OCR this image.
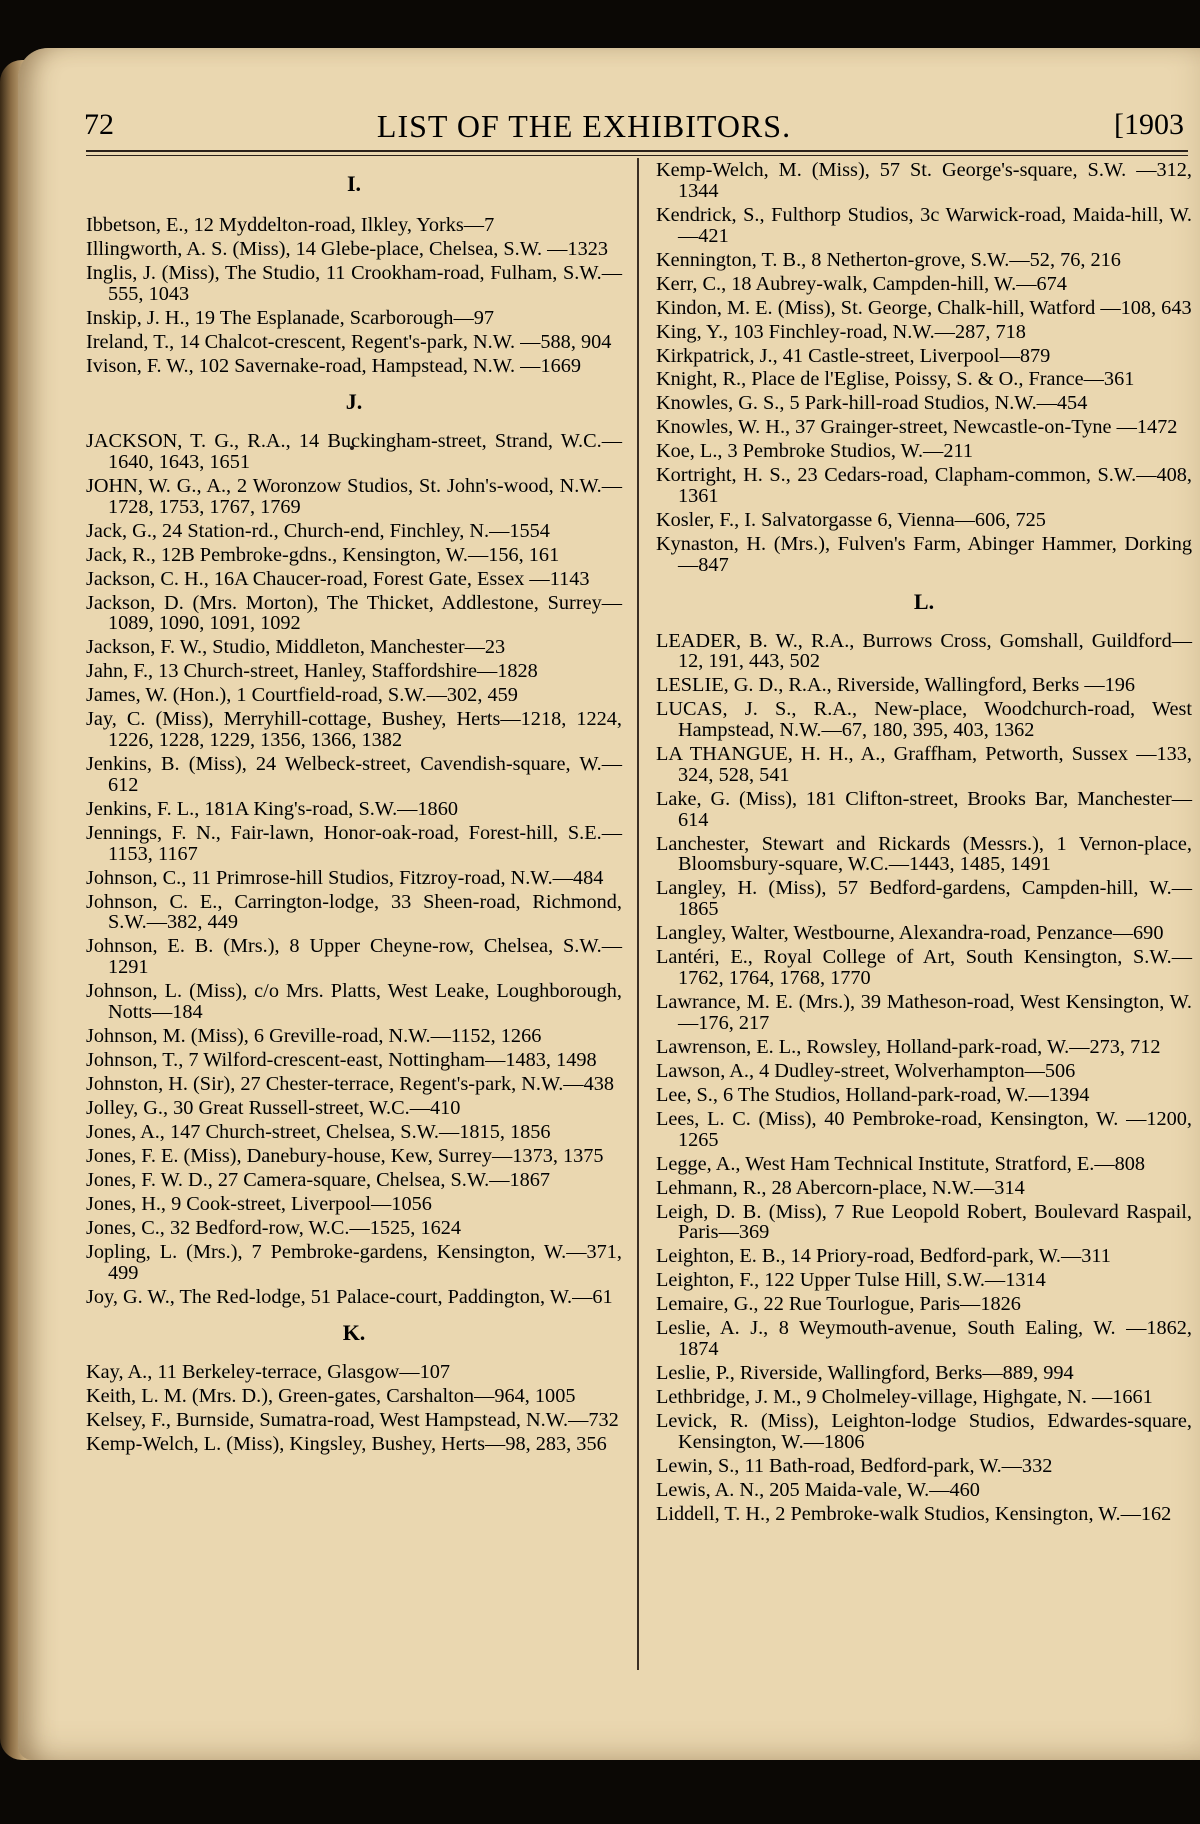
72	LIST OF THE EXHIBITORS.	[1903
I.
Ibbetson, E., 12 Myddelton-road, Ilkley, Yorks—7
Illingworth, A. S. (Miss), 14 Glebe-place, Chelsea, S.W. —1323
Inglis, J. (Miss), The Studio, 11 Crookham-road, Fulham, S.W.—555, 1043
Inskip, J. H., 19 The Esplanade, Scarborough—97
Ireland, T., 14 Chalcot-crescent, Regent's-park, N.W. —588, 904
Ivison, F. W., 102 Savernake-road, Hampstead, N.W. —1669
J.
JACKSON, T. G., R.A., 14 Buckingham-street, Strand, W.C.—1640, 1643, 1651
JOHN, W. G., A., 2 Woronzow Studios, St. John's-wood, N.W.—1728, 1753, 1767, 1769
Jack, G., 24 Station-rd., Church-end, Finchley, N.—1554
Jack, R., 12B Pembroke-gdns., Kensington, W.—156, 161
Jackson, C. H., 16A Chaucer-road, Forest Gate, Essex —1143
Jackson, D. (Mrs. Morton), The Thicket, Addlestone, Surrey—1089, 1090, 1091, 1092
Jackson, F. W., Studio, Middleton, Manchester—23
Jahn, F., 13 Church-street, Hanley, Staffordshire—1828
James, W. (Hon.), 1 Courtfield-road, S.W.—302, 459
Jay, C. (Miss), Merryhill-cottage, Bushey, Herts—1218, 1224, 1226, 1228, 1229, 1356, 1366, 1382
Jenkins, B. (Miss), 24 Welbeck-street, Cavendish-square, W.—612
Jenkins, F. L., 181A King's-road, S.W.—1860
Jennings, F. N., Fair-lawn, Honor-oak-road, Forest-hill, S.E.—1153, 1167
Johnson, C., 11 Primrose-hill Studios, Fitzroy-road, N.W.—484
Johnson, C. E., Carrington-lodge, 33 Sheen-road, Richmond, S.W.—382, 449
Johnson, E. B. (Mrs.), 8 Upper Cheyne-row, Chelsea, S.W.—1291
Johnson, L. (Miss), c/o Mrs. Platts, West Leake, Loughborough, Notts—184
Johnson, M. (Miss), 6 Greville-road, N.W.—1152, 1266
Johnson, T., 7 Wilford-crescent-east, Nottingham—1483, 1498
Johnston, H. (Sir), 27 Chester-terrace, Regent's-park, N.W.—438
Jolley, G., 30 Great Russell-street, W.C.—410
Jones, A., 147 Church-street, Chelsea, S.W.—1815, 1856
Jones, F. E. (Miss), Danebury-house, Kew, Surrey—1373, 1375
Jones, F. W. D., 27 Camera-square, Chelsea, S.W.—1867
Jones, H., 9 Cook-street, Liverpool—1056
Jones, C., 32 Bedford-row, W.C.—1525, 1624
Jopling, L. (Mrs.), 7 Pembroke-gardens, Kensington, W.—371, 499
Joy, G. W., The Red-lodge, 51 Palace-court, Paddington, W.—61
K.
Kay, A., 11 Berkeley-terrace, Glasgow—107
Keith, L. M. (Mrs. D.), Green-gates, Carshalton—964, 1005
Kelsey, F., Burnside, Sumatra-road, West Hampstead, N.W.—732
Kemp-Welch, L. (Miss), Kingsley, Bushey, Herts—98, 283, 356
Kemp-Welch, M. (Miss), 57 St. George's-square, S.W. —312, 1344
Kendrick, S., Fulthorp Studios, 3c Warwick-road, Maida-hill, W.—421
Kennington, T. B., 8 Netherton-grove, S.W.—52, 76, 216
Kerr, C., 18 Aubrey-walk, Campden-hill, W.—674
Kindon, M. E. (Miss), St. George, Chalk-hill, Watford —108, 643
King, Y., 103 Finchley-road, N.W.—287, 718
Kirkpatrick, J., 41 Castle-street, Liverpool—879
Knight, R., Place de l'Eglise, Poissy, S. & O., France—361
Knowles, G. S., 5 Park-hill-road Studios, N.W.—454
Knowles, W. H., 37 Grainger-street, Newcastle-on-Tyne —1472
Koe, L., 3 Pembroke Studios, W.—211
Kortright, H. S., 23 Cedars-road, Clapham-common, S.W.—408, 1361
Kosler, F., I. Salvatorgasse 6, Vienna—606, 725
Kynaston, H. (Mrs.), Fulven's Farm, Abinger Hammer, Dorking—847
L.
LEADER, B. W., R.A., Burrows Cross, Gomshall, Guildford—12, 191, 443, 502
LESLIE, G. D., R.A., Riverside, Wallingford, Berks —196
LUCAS, J. S., R.A., New-place, Woodchurch-road, West Hampstead, N.W.—67, 180, 395, 403, 1362
LA THANGUE, H. H., A., Graffham, Petworth, Sussex —133, 324, 528, 541
Lake, G. (Miss), 181 Clifton-street, Brooks Bar, Manchester—614
Lanchester, Stewart and Rickards (Messrs.), 1 Vernon-place, Bloomsbury-square, W.C.—1443, 1485, 1491
Langley, H. (Miss), 57 Bedford-gardens, Campden-hill, W.—1865
Langley, Walter, Westbourne, Alexandra-road, Penzance—690
Lantéri, E., Royal College of Art, South Kensington, S.W.—1762, 1764, 1768, 1770
Lawrance, M. E. (Mrs.), 39 Matheson-road, West Kensington, W.—176, 217
Lawrenson, E. L., Rowsley, Holland-park-road, W.—273, 712
Lawson, A., 4 Dudley-street, Wolverhampton—506
Lee, S., 6 The Studios, Holland-park-road, W.—1394
Lees, L. C. (Miss), 40 Pembroke-road, Kensington, W. —1200, 1265
Legge, A., West Ham Technical Institute, Stratford, E.—808
Lehmann, R., 28 Abercorn-place, N.W.—314
Leigh, D. B. (Miss), 7 Rue Leopold Robert, Boulevard Raspail, Paris—369
Leighton, E. B., 14 Priory-road, Bedford-park, W.—311
Leighton, F., 122 Upper Tulse Hill, S.W.—1314
Lemaire, G., 22 Rue Tourlogue, Paris—1826
Leslie, A. J., 8 Weymouth-avenue, South Ealing, W. —1862, 1874
Leslie, P., Riverside, Wallingford, Berks—889, 994
Lethbridge, J. M., 9 Cholmeley-village, Highgate, N. —1661
Levick, R. (Miss), Leighton-lodge Studios, Edwardes-square, Kensington, W.—1806
Lewin, S., 11 Bath-road, Bedford-park, W.—332
Lewis, A. N., 205 Maida-vale, W.—460
Liddell, T. H., 2 Pembroke-walk Studios, Kensington, W.—162
